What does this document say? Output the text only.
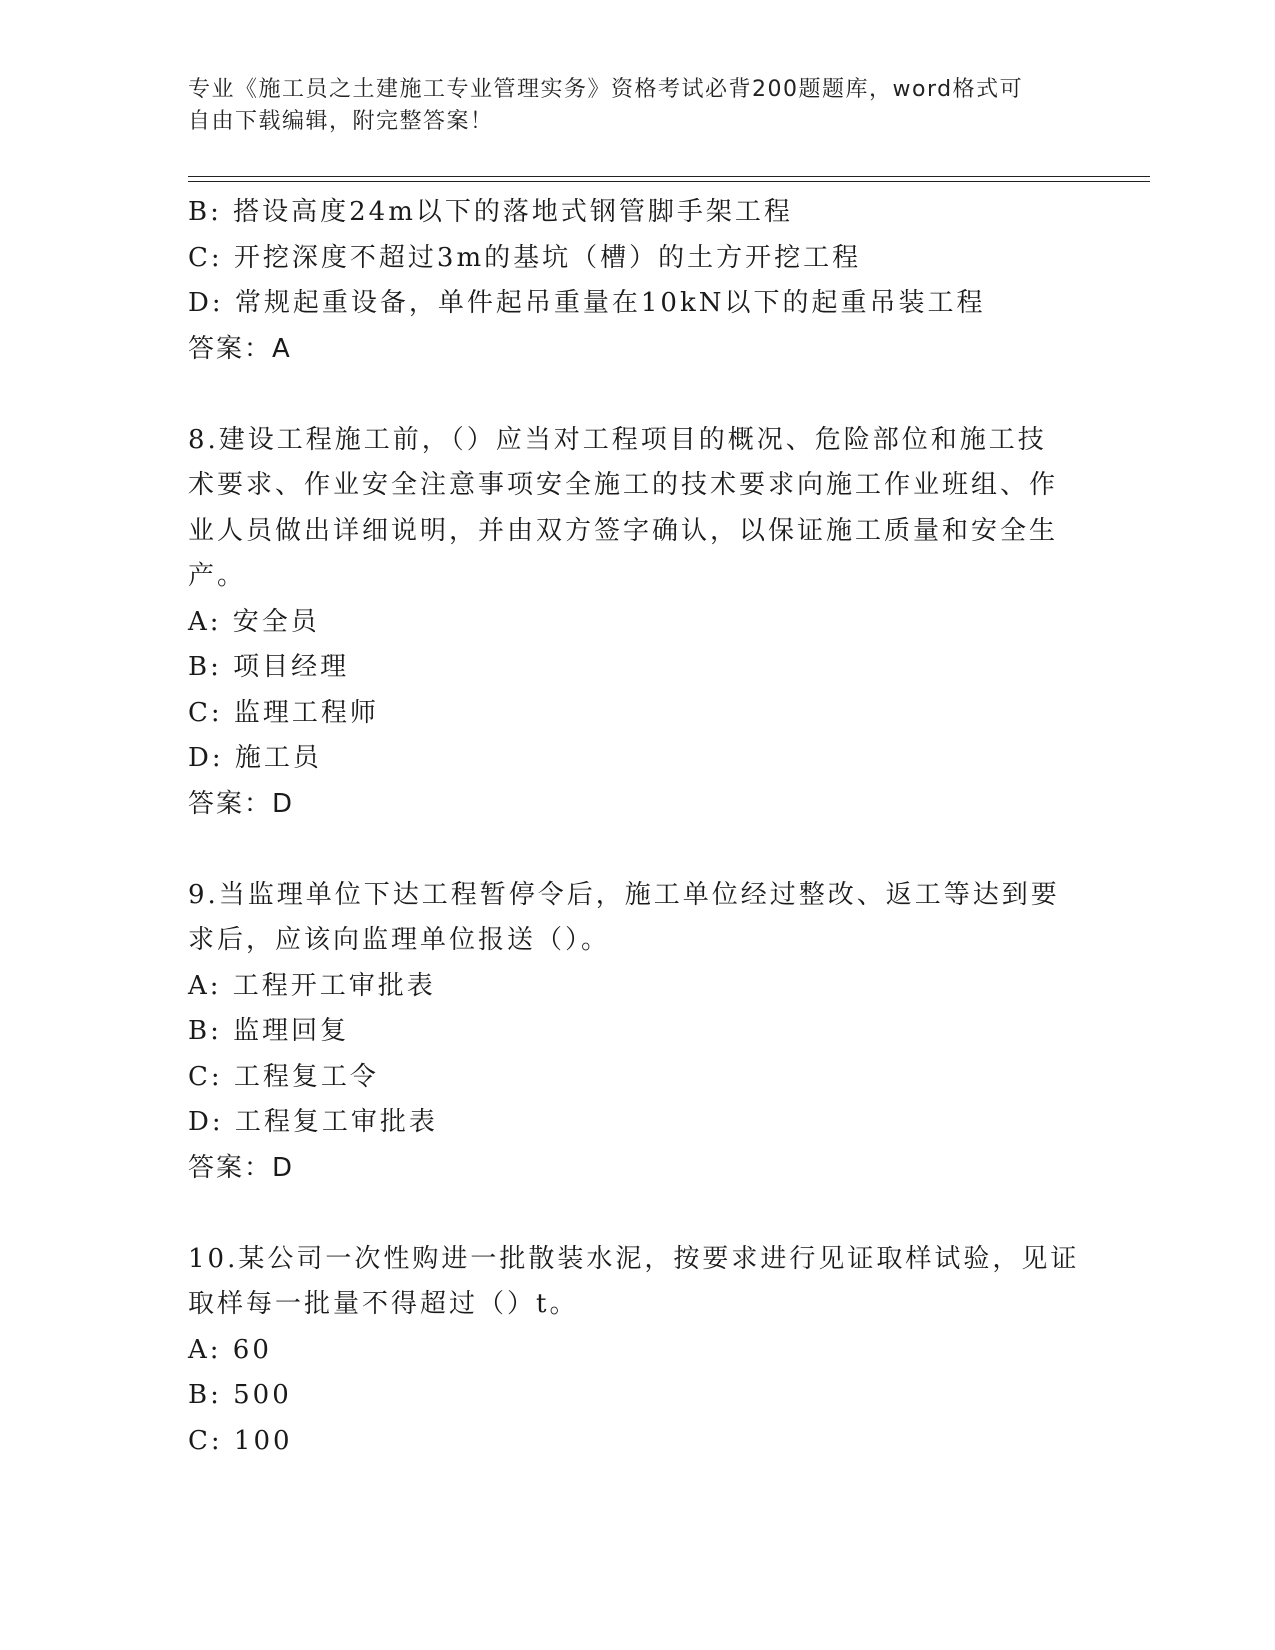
专业《施工员之土建施工专业管理实务》资格考试必背200题题库，word格式可
自由下载编辑，附完整答案！
B: 搭设高度24m以下的落地式钢管脚手架工程
C: 开挖深度不超过3m的基坑（槽）的土方开挖工程
D: 常规起重设备，单件起吊重量在10kN以下的起重吊装工程
答案：A
8.建设工程施工前，（）应当对工程项目的概况、危险部位和施工技
术要求、作业安全注意事项安全施工的技术要求向施工作业班组、作
业人员做出详细说明，并由双方签字确认，以保证施工质量和安全生
产。
A: 安全员
B: 项目经理
C: 监理工程师
D: 施工员
答案：D
9.当监理单位下达工程暂停令后，施工单位经过整改、返工等达到要
求后，应该向监理单位报送（）。
A: 工程开工审批表
B: 监理回复
C: 工程复工令
D: 工程复工审批表
答案：D
10.某公司一次性购进一批散装水泥，按要求进行见证取样试验，见证
取样每一批量不得超过（）t。
A: 60
B: 500
C: 100
